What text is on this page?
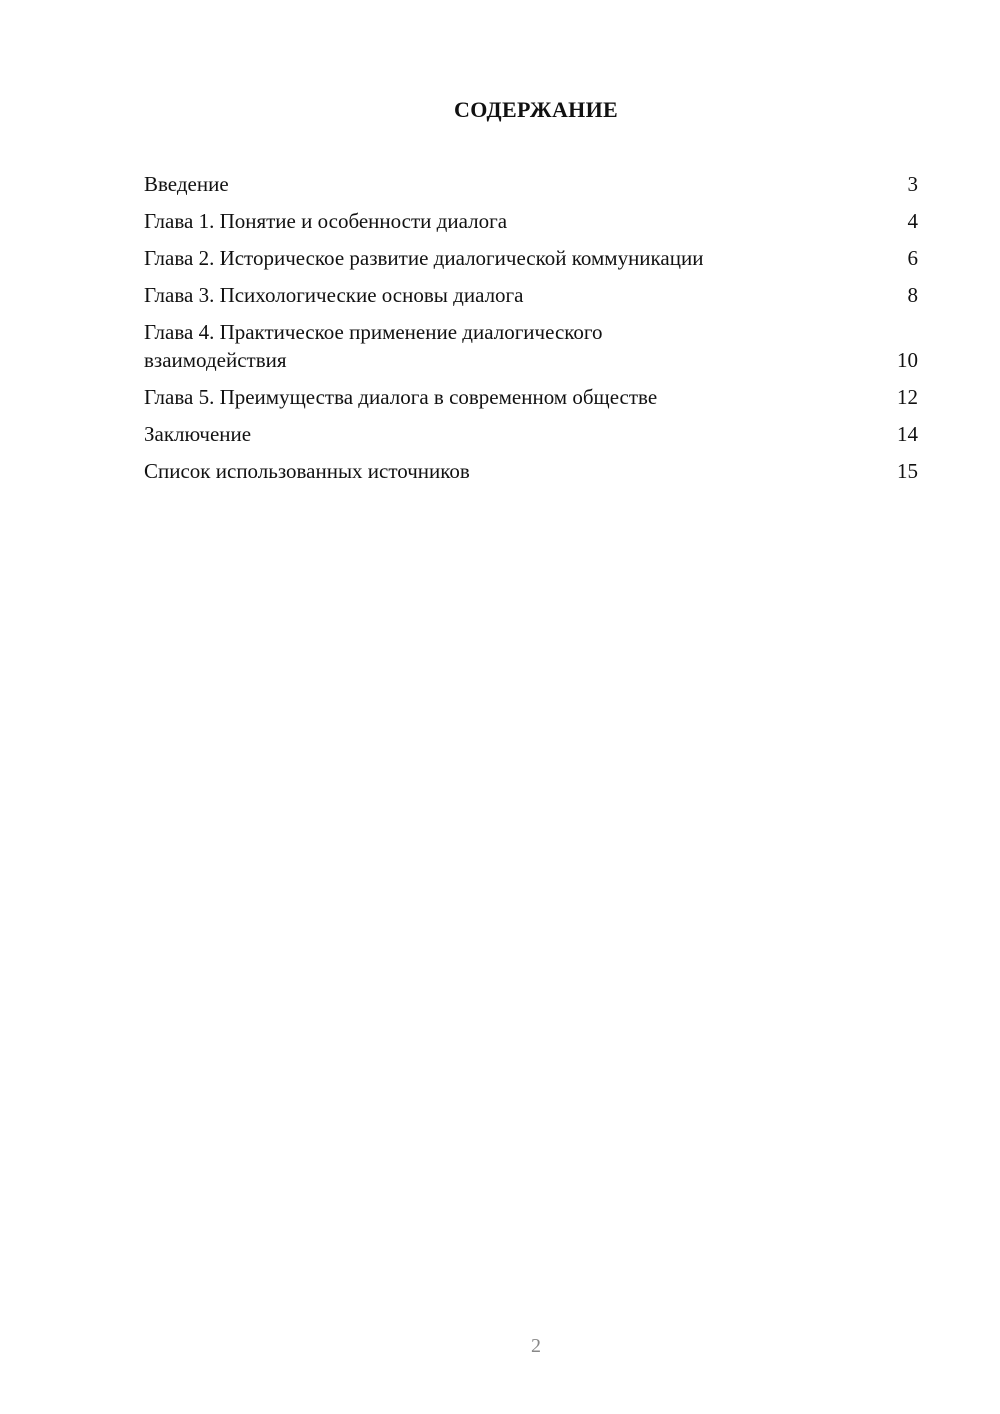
СОДЕРЖАНИЕ
Введение	3
Глава 1. Понятие и особенности диалога	4
Глава 2. Историческое развитие диалогической коммуникации	6
Глава 3. Психологические основы диалога	8
Глава 4. Практическое применение диалогического взаимодействия	10
Глава 5. Преимущества диалога в современном обществе	12
Заключение	14
Список использованных источников	15
2
